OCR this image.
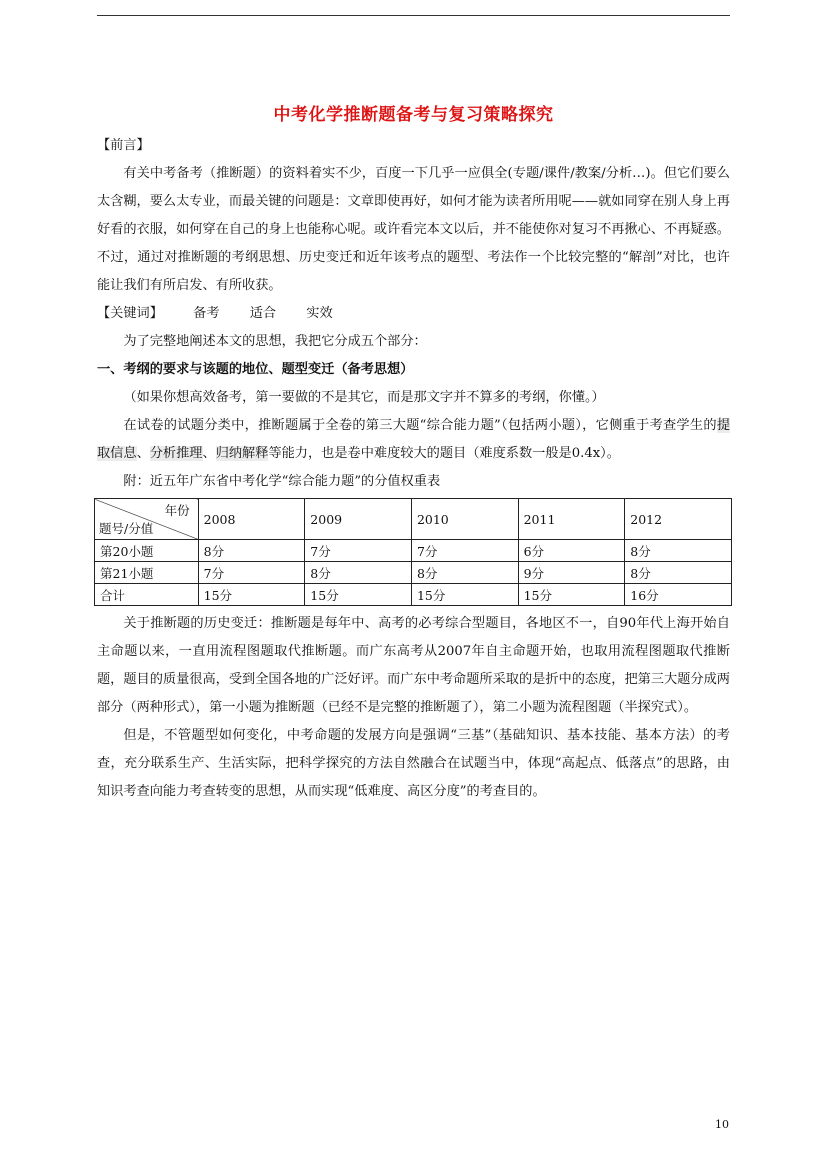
中考化学推断题备考与复习策略探究

【前言】

有关中考备考（推断题）的资料着实不少，百度一下几乎一应俱全(专题/课件/教案/分析…)。但它们要么太含糊，要么太专业，而最关键的问题是：文章即使再好，如何才能为读者所用呢——就如同穿在别人身上再好看的衣服，如何穿在自己的身上也能称心呢。或许看完本文以后，并不能使你对复习不再揪心、不再疑惑。不过，通过对推断题的考纲思想、历史变迁和近年该考点的题型、考法作一个比较完整的“解剖”对比，也许能让我们有所启发、有所收获。

【关键词】 备考 适合 实效

为了完整地阐述本文的思想，我把它分成五个部分：

一、考纲的要求与该题的地位、题型变迁（备考思想）

（如果你想高效备考，第一要做的不是其它，而是那文字并不算多的考纲，你懂。）

在试卷的试题分类中，推断题属于全卷的第三大题“综合能力题”（包括两小题），它侧重于考查学生的提取信息、分析推理、归纳解释等能力，也是卷中难度较大的题目（难度系数一般是0.4x）。

附：近五年广东省中考化学“综合能力题”的分值权重表

年份
题号/分值	2008	2009	2010	2011	2012
第20小题	8分	7分	7分	6分	8分
第21小题	7分	8分	8分	9分	8分
合计	15分	15分	15分	15分	16分

关于推断题的历史变迁：推断题是每年中、高考的必考综合型题目，各地区不一，自90年代上海开始自主命题以来，一直用流程图题取代推断题。而广东高考从2007年自主命题开始，也取用流程图题取代推断题，题目的质量很高，受到全国各地的广泛好评。而广东中考命题所采取的是折中的态度，把第三大题分成两部分（两种形式），第一小题为推断题（已经不是完整的推断题了），第二小题为流程图题（半探究式）。

但是，不管题型如何变化，中考命题的发展方向是强调“三基”（基础知识、基本技能、基本方法）的考查，充分联系生产、生活实际，把科学探究的方法自然融合在试题当中，体现“高起点、低落点”的思路，由知识考查向能力考查转变的思想，从而实现“低难度、高区分度”的考查目的。

10
